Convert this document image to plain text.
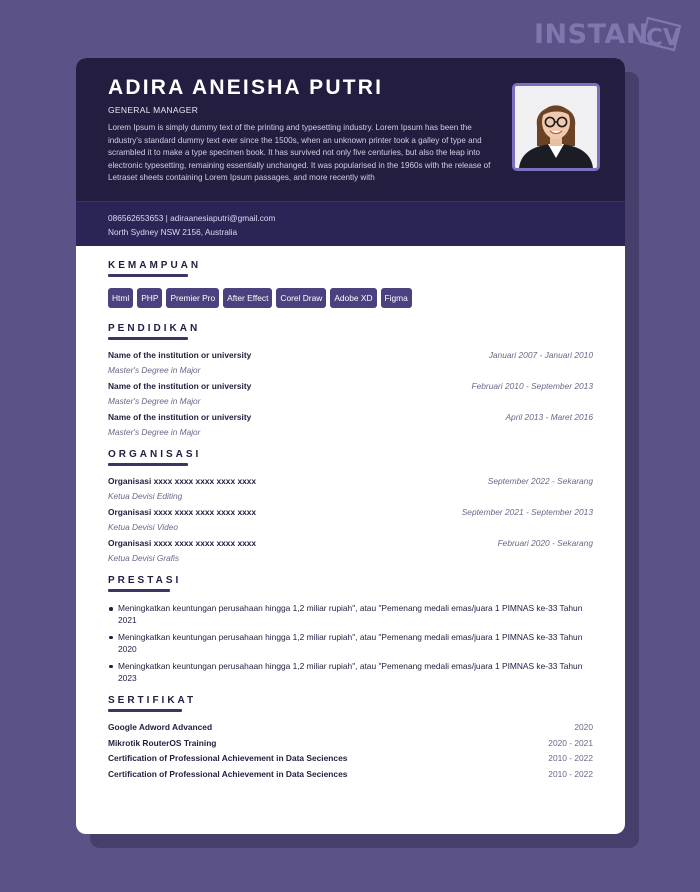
INSTAN
CV
ADIRA ANEISHA PUTRI
GENERAL MANAGER
Lorem Ipsum is simply dummy text of the printing and typesetting industry. Lorem Ipsum has been the industry's standard dummy text ever since the 1500s, when an unknown printer took a galley of type and scrambled it to make a type specimen book. It has survived not only five centuries, but also the leap into electronic typesetting, remaining essentially unchanged. It was popularised in the 1960s with the release of Letraset sheets containing Lorem Ipsum passages, and more recently with
086562653653 | adiraanesiaputri@gmail.com
North Sydney NSW 2156, Australia
KEMAMPUAN
Html	PHP	Premier Pro	After Effect	Corel Draw	Adobe XD	Figma
PENDIDIKAN
Name of the institution or university	Januari 2007 - Januari 2010
Master's Degree in Major
Name of the institution or university	Februari 2010 - September 2013
Master's Degree in Major
Name of the institution or university	April 2013 - Maret 2016
Master's Degree in Major
ORGANISASI
Organisasi xxxx xxxx xxxx xxxx xxxx	September 2022 - Sekarang
Ketua Devisi Editing
Organisasi xxxx xxxx xxxx xxxx xxxx	September 2021 - September 2013
Ketua Devisi Video
Organisasi xxxx xxxx xxxx xxxx xxxx	Februari 2020 - Sekarang
Ketua Devisi Grafis
PRESTASI
Meningkatkan keuntungan perusahaan hingga 1,2 miliar rupiah", atau "Pemenang medali emas/juara 1 PIMNAS ke-33 Tahun 2021
Meningkatkan keuntungan perusahaan hingga 1,2 miliar rupiah", atau "Pemenang medali emas/juara 1 PIMNAS ke-33 Tahun 2020
Meningkatkan keuntungan perusahaan hingga 1,2 miliar rupiah", atau "Pemenang medali emas/juara 1 PIMNAS ke-33 Tahun 2023
SERTIFIKAT
Google Adword Advanced	2020
Mikrotik RouterOS Training	2020 - 2021
Certification of Professional Achievement in Data Seciences	2010 - 2022
Certification of Professional Achievement in Data Seciences	2010 - 2022
